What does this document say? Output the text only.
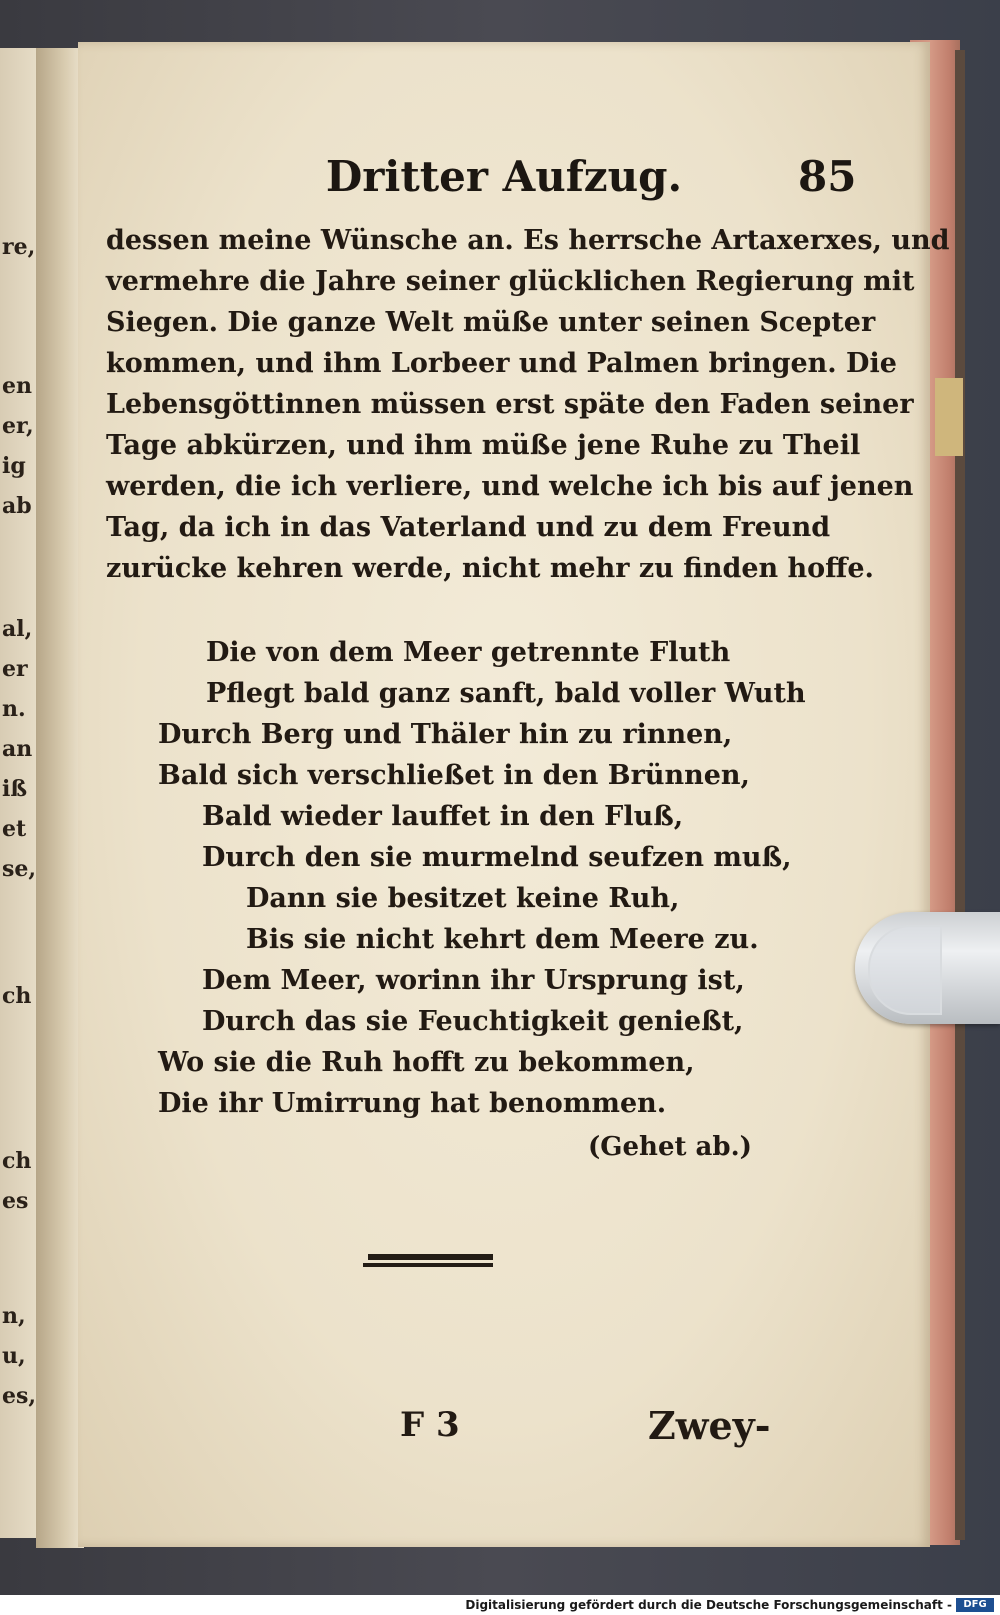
re,
en
er,
ig
ab
al,
er
n.
an
iß
et
se,
ch
ch
es
n,
u,
es,
Dritter Aufzug.	85
dessen meine Wünsche an. Es herrsche Artaxerxes, und
vermehre die Jahre seiner glücklichen Regierung mit
Siegen. Die ganze Welt müße unter seinen Scepter
kommen, und ihm Lorbeer und Palmen bringen. Die
Lebensgöttinnen müssen erst späte den Faden seiner
Tage abkürzen, und ihm müße jene Ruhe zu Theil
werden, die ich verliere, und welche ich bis auf jenen
Tag, da ich in das Vaterland und zu dem Freund
zurücke kehren werde, nicht mehr zu finden hoffe.
Die von dem Meer getrennte Fluth
Pflegt bald ganz sanft, bald voller Wuth
Durch Berg und Thäler hin zu rinnen,
Bald sich verschließet in den Brünnen,
Bald wieder lauffet in den Fluß,
Durch den sie murmelnd seufzen muß,
Dann sie besitzet keine Ruh,
Bis sie nicht kehrt dem Meere zu.
Dem Meer, worinn ihr Ursprung ist,
Durch das sie Feuchtigkeit genießt,
Wo sie die Ruh hofft zu bekommen,
Die ihr Umirrung hat benommen.
(Gehet ab.)
F 3	Zwey-
Digitalisierung gefördert durch die Deutsche Forschungsgemeinschaft -	DFG
